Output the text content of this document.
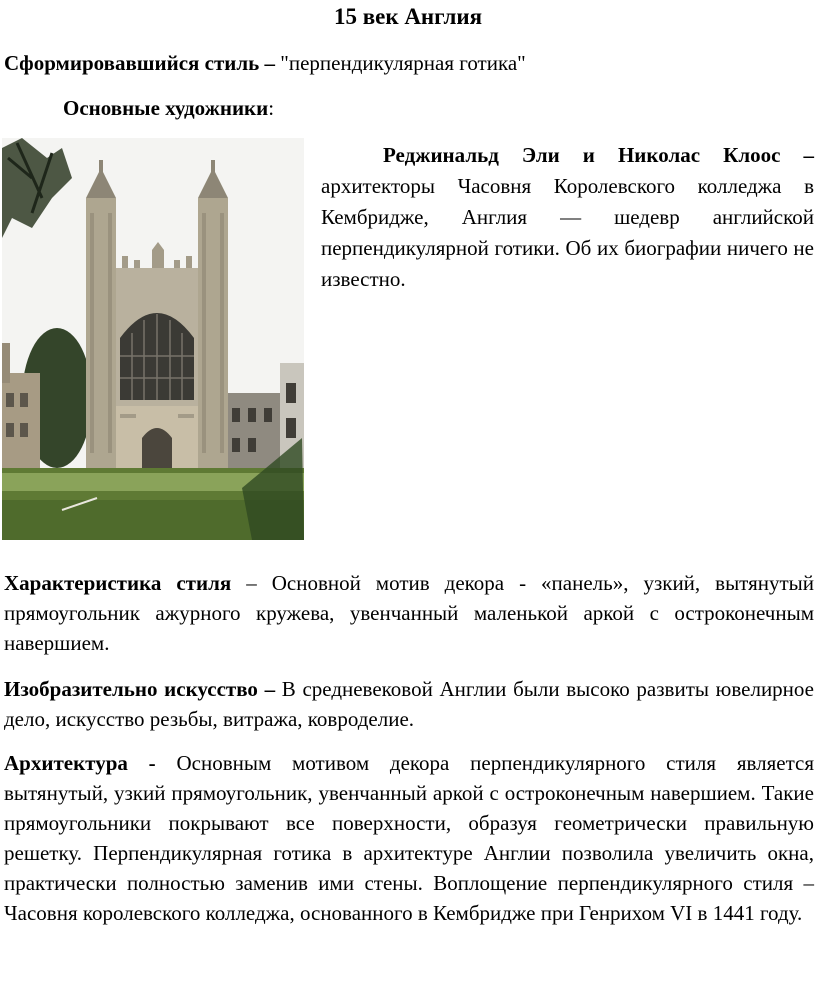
15 век Англия
Сформировавшийся стиль – "перпендикулярная готика"
Основные художники:
Реджинальд Эли и Николас Клоос – архитекторы Часовня Королевского колледжа в Кембридже, Англия — шедевр английской перпендикулярной готики. Об их биографии ничего не известно.

Характеристика стиля – Основной мотив декора - «панель», узкий, вытянутый прямоугольник ажурного кружева, увенчанный маленькой аркой с остроконечным навершием.

Изобразительно искусство – В средневековой Англии были высоко развиты ювелирное дело, искусство резьбы, витража, ковроделие.

Архитектура - Основным мотивом декора перпендикулярного стиля является вытянутый, узкий прямоугольник, увенчанный аркой с остроконечным навершием. Такие прямоугольники покрывают все поверхности, образуя геометрически правильную решетку. Перпендикулярная готика в архитектуре Англии позволила увеличить окна, практически полностью заменив ими стены. Воплощение перпендикулярного стиля – Часовня королевского колледжа, основанного в Кембридже при Генрихом VI в 1441 году.
